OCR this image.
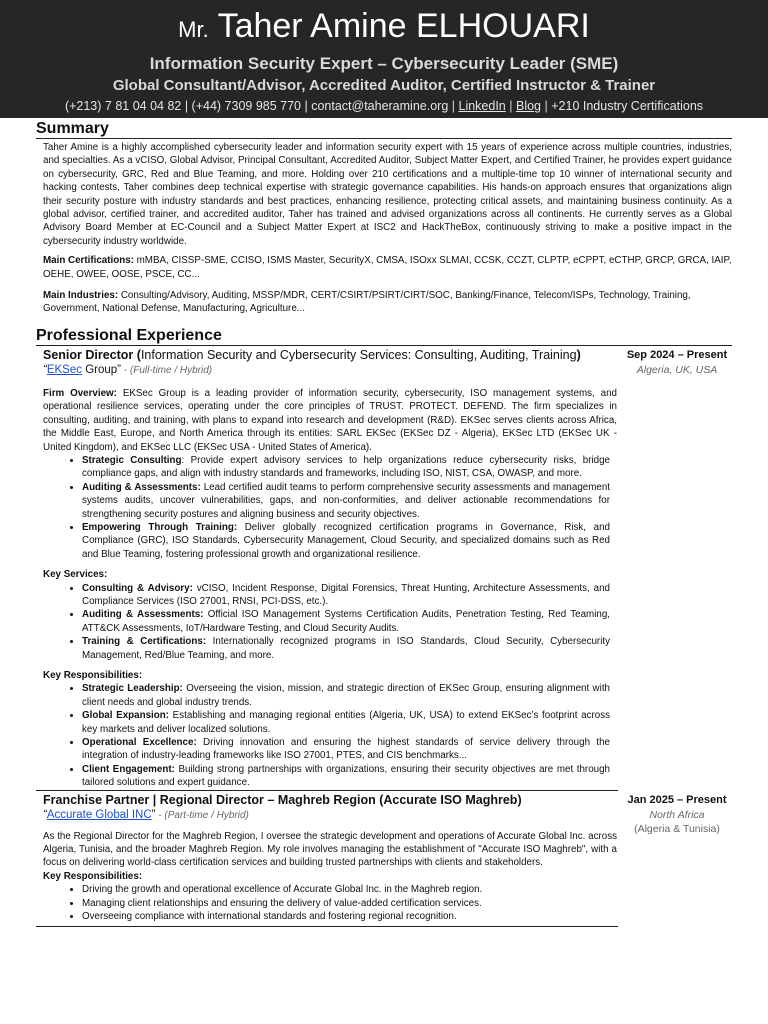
Mr. Taher Amine ELHOUARI
Information Security Expert – Cybersecurity Leader (SME)
Global Consultant/Advisor, Accredited Auditor, Certified Instructor & Trainer
(+213) 7 81 04 04 82 | (+44) 7309 985 770 | contact@taheramine.org | LinkedIn | Blog | +210 Industry Certifications
Summary
Taher Amine is a highly accomplished cybersecurity leader and information security expert with 15 years of experience across multiple countries, industries, and specialties. As a vCISO, Global Advisor, Principal Consultant, Accredited Auditor, Subject Matter Expert, and Certified Trainer, he provides expert guidance on cybersecurity, GRC, Red and Blue Teaming, and more. Holding over 210 certifications and a multiple-time top 10 winner of international security and hacking contests, Taher combines deep technical expertise with strategic governance capabilities. His hands-on approach ensures that organizations align their security posture with industry standards and best practices, enhancing resilience, protecting critical assets, and maintaining business continuity. As a global advisor, certified trainer, and accredited auditor, Taher has trained and advised organizations across all continents. He currently serves as a Global Advisory Board Member at EC-Council and a Subject Matter Expert at ISC2 and HackTheBox, continuously striving to make a positive impact in the cybersecurity industry worldwide.
Main Certifications: mMBA, CISSP-SME, CCISO, ISMS Master, SecurityX, CMSA, ISOxx SLMAI, CCSK, CCZT, CLPTP, eCPPT, eCTHP, GRCP, GRCA, IAIP, OEHE, OWEE, OOSE, PSCE, CC...
Main Industries: Consulting/Advisory, Auditing, MSSP/MDR, CERT/CSIRT/PSIRT/CIRT/SOC, Banking/Finance, Telecom/ISPs, Technology, Training, Government, National Defense, Manufacturing, Agriculture...
Professional Experience
Senior Director (Information Security and Cybersecurity Services: Consulting, Auditing, Training)
“EKSec Group” - (Full-time / Hybrid)
Sep 2024 – Present
Algeria, UK, USA
Firm Overview: EKSec Group is a leading provider of information security, cybersecurity, ISO management systems, and operational resilience services, operating under the core principles of TRUST. PROTECT. DEFEND. The firm specializes in consulting, auditing, and training, with plans to expand into research and development (R&D). EKSec serves clients across Africa, the Middle East, Europe, and North America through its entities: SARL EKSec (EKSec DZ - Algeria), EKSec LTD (EKSec UK - United Kingdom), and EKSec LLC (EKSec USA - United States of America).
• Strategic Consulting: Provide expert advisory services to help organizations reduce cybersecurity risks, bridge compliance gaps, and align with industry standards and frameworks, including ISO, NIST, CSA, OWASP, and more.
• Auditing & Assessments: Lead certified audit teams to perform comprehensive security assessments and management systems audits, uncover vulnerabilities, gaps, and non-conformities, and deliver actionable recommendations for strengthening security postures and aligning business and security objectives.
• Empowering Through Training: Deliver globally recognized certification programs in Governance, Risk, and Compliance (GRC), ISO Standards, Cybersecurity Management, Cloud Security, and specialized domains such as Red and Blue Teaming, fostering professional growth and organizational resilience.
Key Services:
• Consulting & Advisory: vCISO, Incident Response, Digital Forensics, Threat Hunting, Architecture Assessments, and Compliance Services (ISO 27001, RNSI, PCI-DSS, etc.).
• Auditing & Assessments: Official ISO Management Systems Certification Audits, Penetration Testing, Red Teaming, ATT&CK Assessments, IoT/Hardware Testing, and Cloud Security Audits.
• Training & Certifications: Internationally recognized programs in ISO Standards, Cloud Security, Cybersecurity Management, Red/Blue Teaming, and more.
Key Responsibilities:
• Strategic Leadership: Overseeing the vision, mission, and strategic direction of EKSec Group, ensuring alignment with client needs and global industry trends.
• Global Expansion: Establishing and managing regional entities (Algeria, UK, USA) to extend EKSec’s footprint across key markets and deliver localized solutions.
• Operational Excellence: Driving innovation and ensuring the highest standards of service delivery through the integration of industry-leading frameworks like ISO 27001, PTES, and CIS benchmarks...
• Client Engagement: Building strong partnerships with organizations, ensuring their security objectives are met through tailored solutions and expert guidance.
Franchise Partner | Regional Director – Maghreb Region (Accurate ISO Maghreb)
“Accurate Global INC” - (Part-time / Hybrid)
Jan 2025 – Present
North Africa
(Algeria & Tunisia)
As the Regional Director for the Maghreb Region, I oversee the strategic development and operations of Accurate Global Inc. across Algeria, Tunisia, and the broader Maghreb Region. My role involves managing the establishment of "Accurate ISO Maghreb", with a focus on delivering world-class certification services and building trusted partnerships with clients and stakeholders.
Key Responsibilities:
• Driving the growth and operational excellence of Accurate Global Inc. in the Maghreb region.
• Managing client relationships and ensuring the delivery of value-added certification services.
• Overseeing compliance with international standards and fostering regional recognition.
